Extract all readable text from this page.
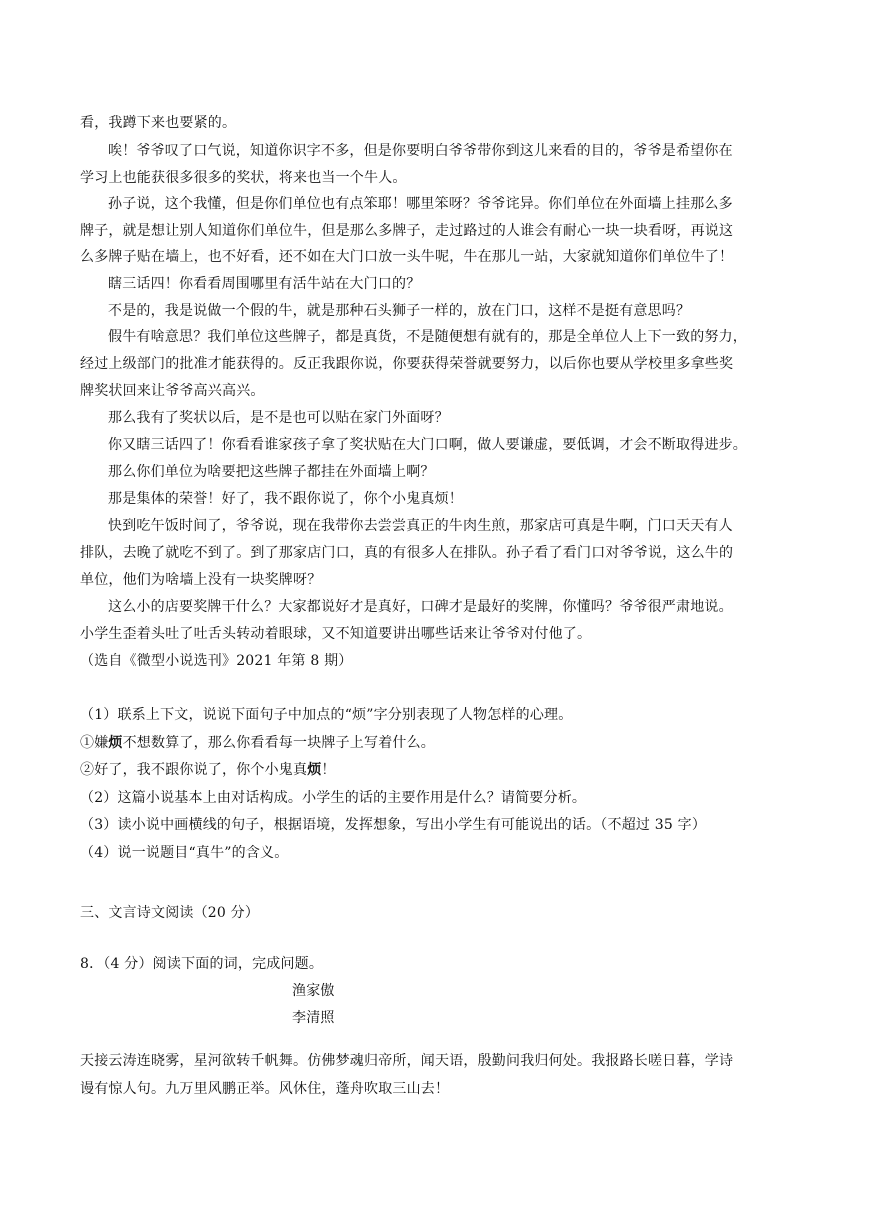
看，我蹲下来也要紧的。

唉！爷爷叹了口气说，知道你识字不多，但是你要明白爷爷带你到这儿来看的目的，爷爷是希望你在

学习上也能获很多很多的奖状，将来也当一个牛人。

孙子说，这个我懂，但是你们单位也有点笨耶！哪里笨呀？爷爷诧异。你们单位在外面墙上挂那么多

牌子，就是想让别人知道你们单位牛，但是那么多牌子，走过路过的人谁会有耐心一块一块看呀，再说这

么多牌子贴在墙上，也不好看，还不如在大门口放一头牛呢，牛在那儿一站，大家就知道你们单位牛了！

瞎三话四！你看看周围哪里有活牛站在大门口的？

不是的，我是说做一个假的牛，就是那种石头狮子一样的，放在门口，这样不是挺有意思吗？

假牛有啥意思？我们单位这些牌子，都是真货，不是随便想有就有的，那是全单位人上下一致的努力，

经过上级部门的批准才能获得的。反正我跟你说，你要获得荣誉就要努力，以后你也要从学校里多拿些奖

牌奖状回来让爷爷高兴高兴。

那么我有了奖状以后，是不是也可以贴在家门外面呀？

你又瞎三话四了！你看看谁家孩子拿了奖状贴在大门口啊，做人要谦虚，要低调，才会不断取得进步。

那么你们单位为啥要把这些牌子都挂在外面墙上啊？

那是集体的荣誉！好了，我不跟你说了，你个小鬼真烦！

快到吃午饭时间了，爷爷说，现在我带你去尝尝真正的牛肉生煎，那家店可真是牛啊，门口天天有人

排队，去晚了就吃不到了。到了那家店门口，真的有很多人在排队。孙子看了看门口对爷爷说，这么牛的

单位，他们为啥墙上没有一块奖牌呀？

这么小的店要奖牌干什么？大家都说好才是真好，口碑才是最好的奖牌，你懂吗？爷爷很严肃地说。

小学生歪着头吐了吐舌头转动着眼球，又不知道要讲出哪些话来让爷爷对付他了。

（选自《微型小说选刊》2021 年第 8 期）

（1）联系上下文，说说下面句子中加点的“烦”字分别表现了人物怎样的心理。

①嫌烦不想数算了，那么你看看每一块牌子上写着什么。

②好了，我不跟你说了，你个小鬼真烦！

（2）这篇小说基本上由对话构成。小学生的话的主要作用是什么？请简要分析。

（3）读小说中画横线的句子，根据语境，发挥想象，写出小学生有可能说出的话。（不超过 35 字）

（4）说一说题目“真牛”的含义。

三、文言诗文阅读（20 分）

8．（4 分）阅读下面的词，完成问题。

渔家傲

李清照

天接云涛连晓雾，星河欲转千帆舞。仿佛梦魂归帝所，闻天语，殷勤问我归何处。我报路长嗟日暮，学诗

谩有惊人句。九万里风鹏正举。风休住，蓬舟吹取三山去！
